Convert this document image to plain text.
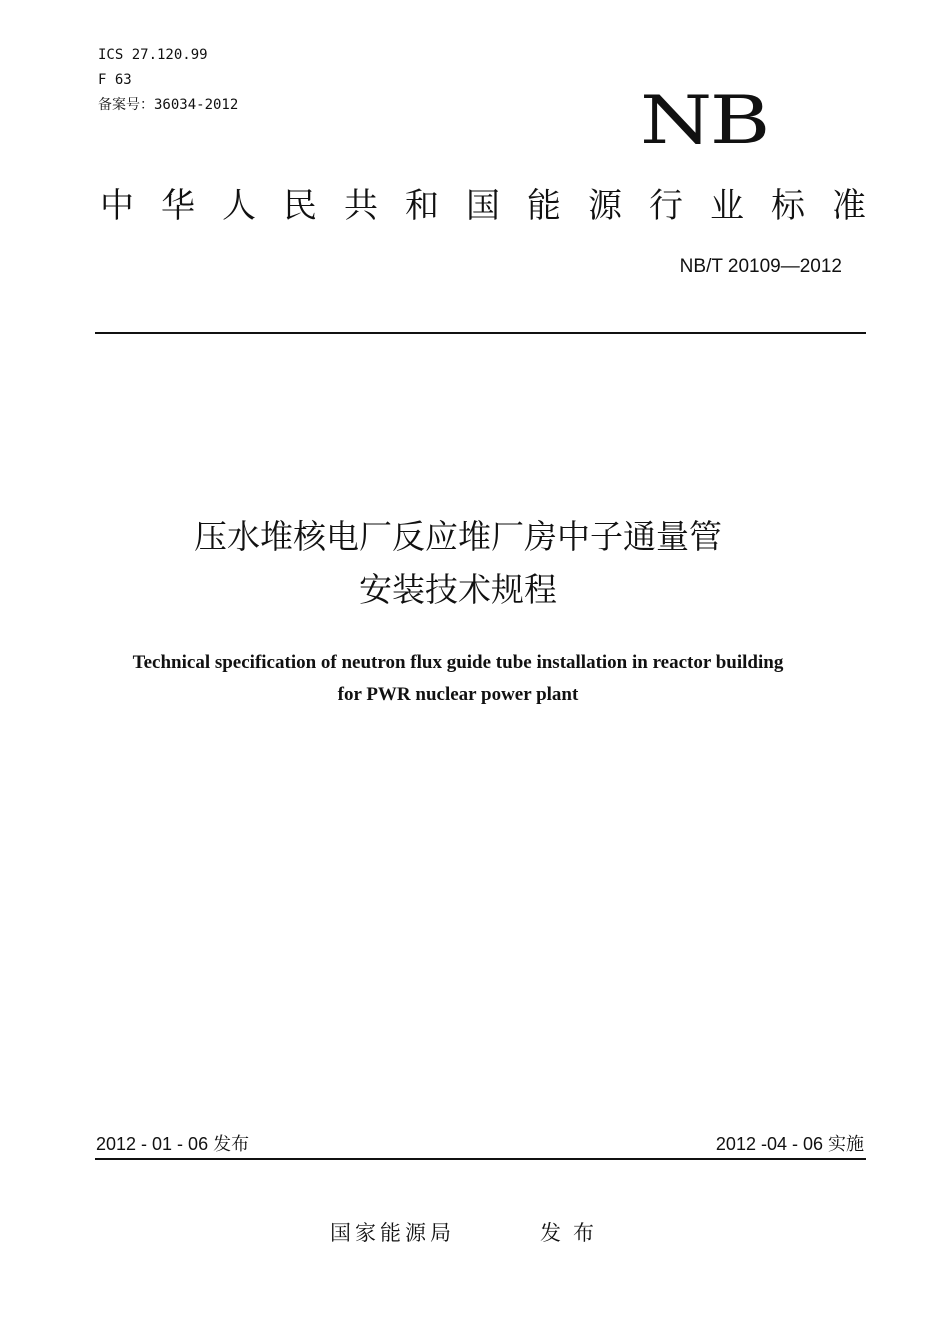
ICS 27.120.99
F 63
备案号：36034-2012	NB
中华人民共和国能源行业标准
NB/T 20109—2012
压水堆核电厂反应堆厂房中子通量管
安装技术规程
Technical specification of neutron flux guide tube installation in reactor building
for PWR nuclear power plant
2012 - 01 - 06 发布	2012 -04 - 06 实施
国家能源局	发布
